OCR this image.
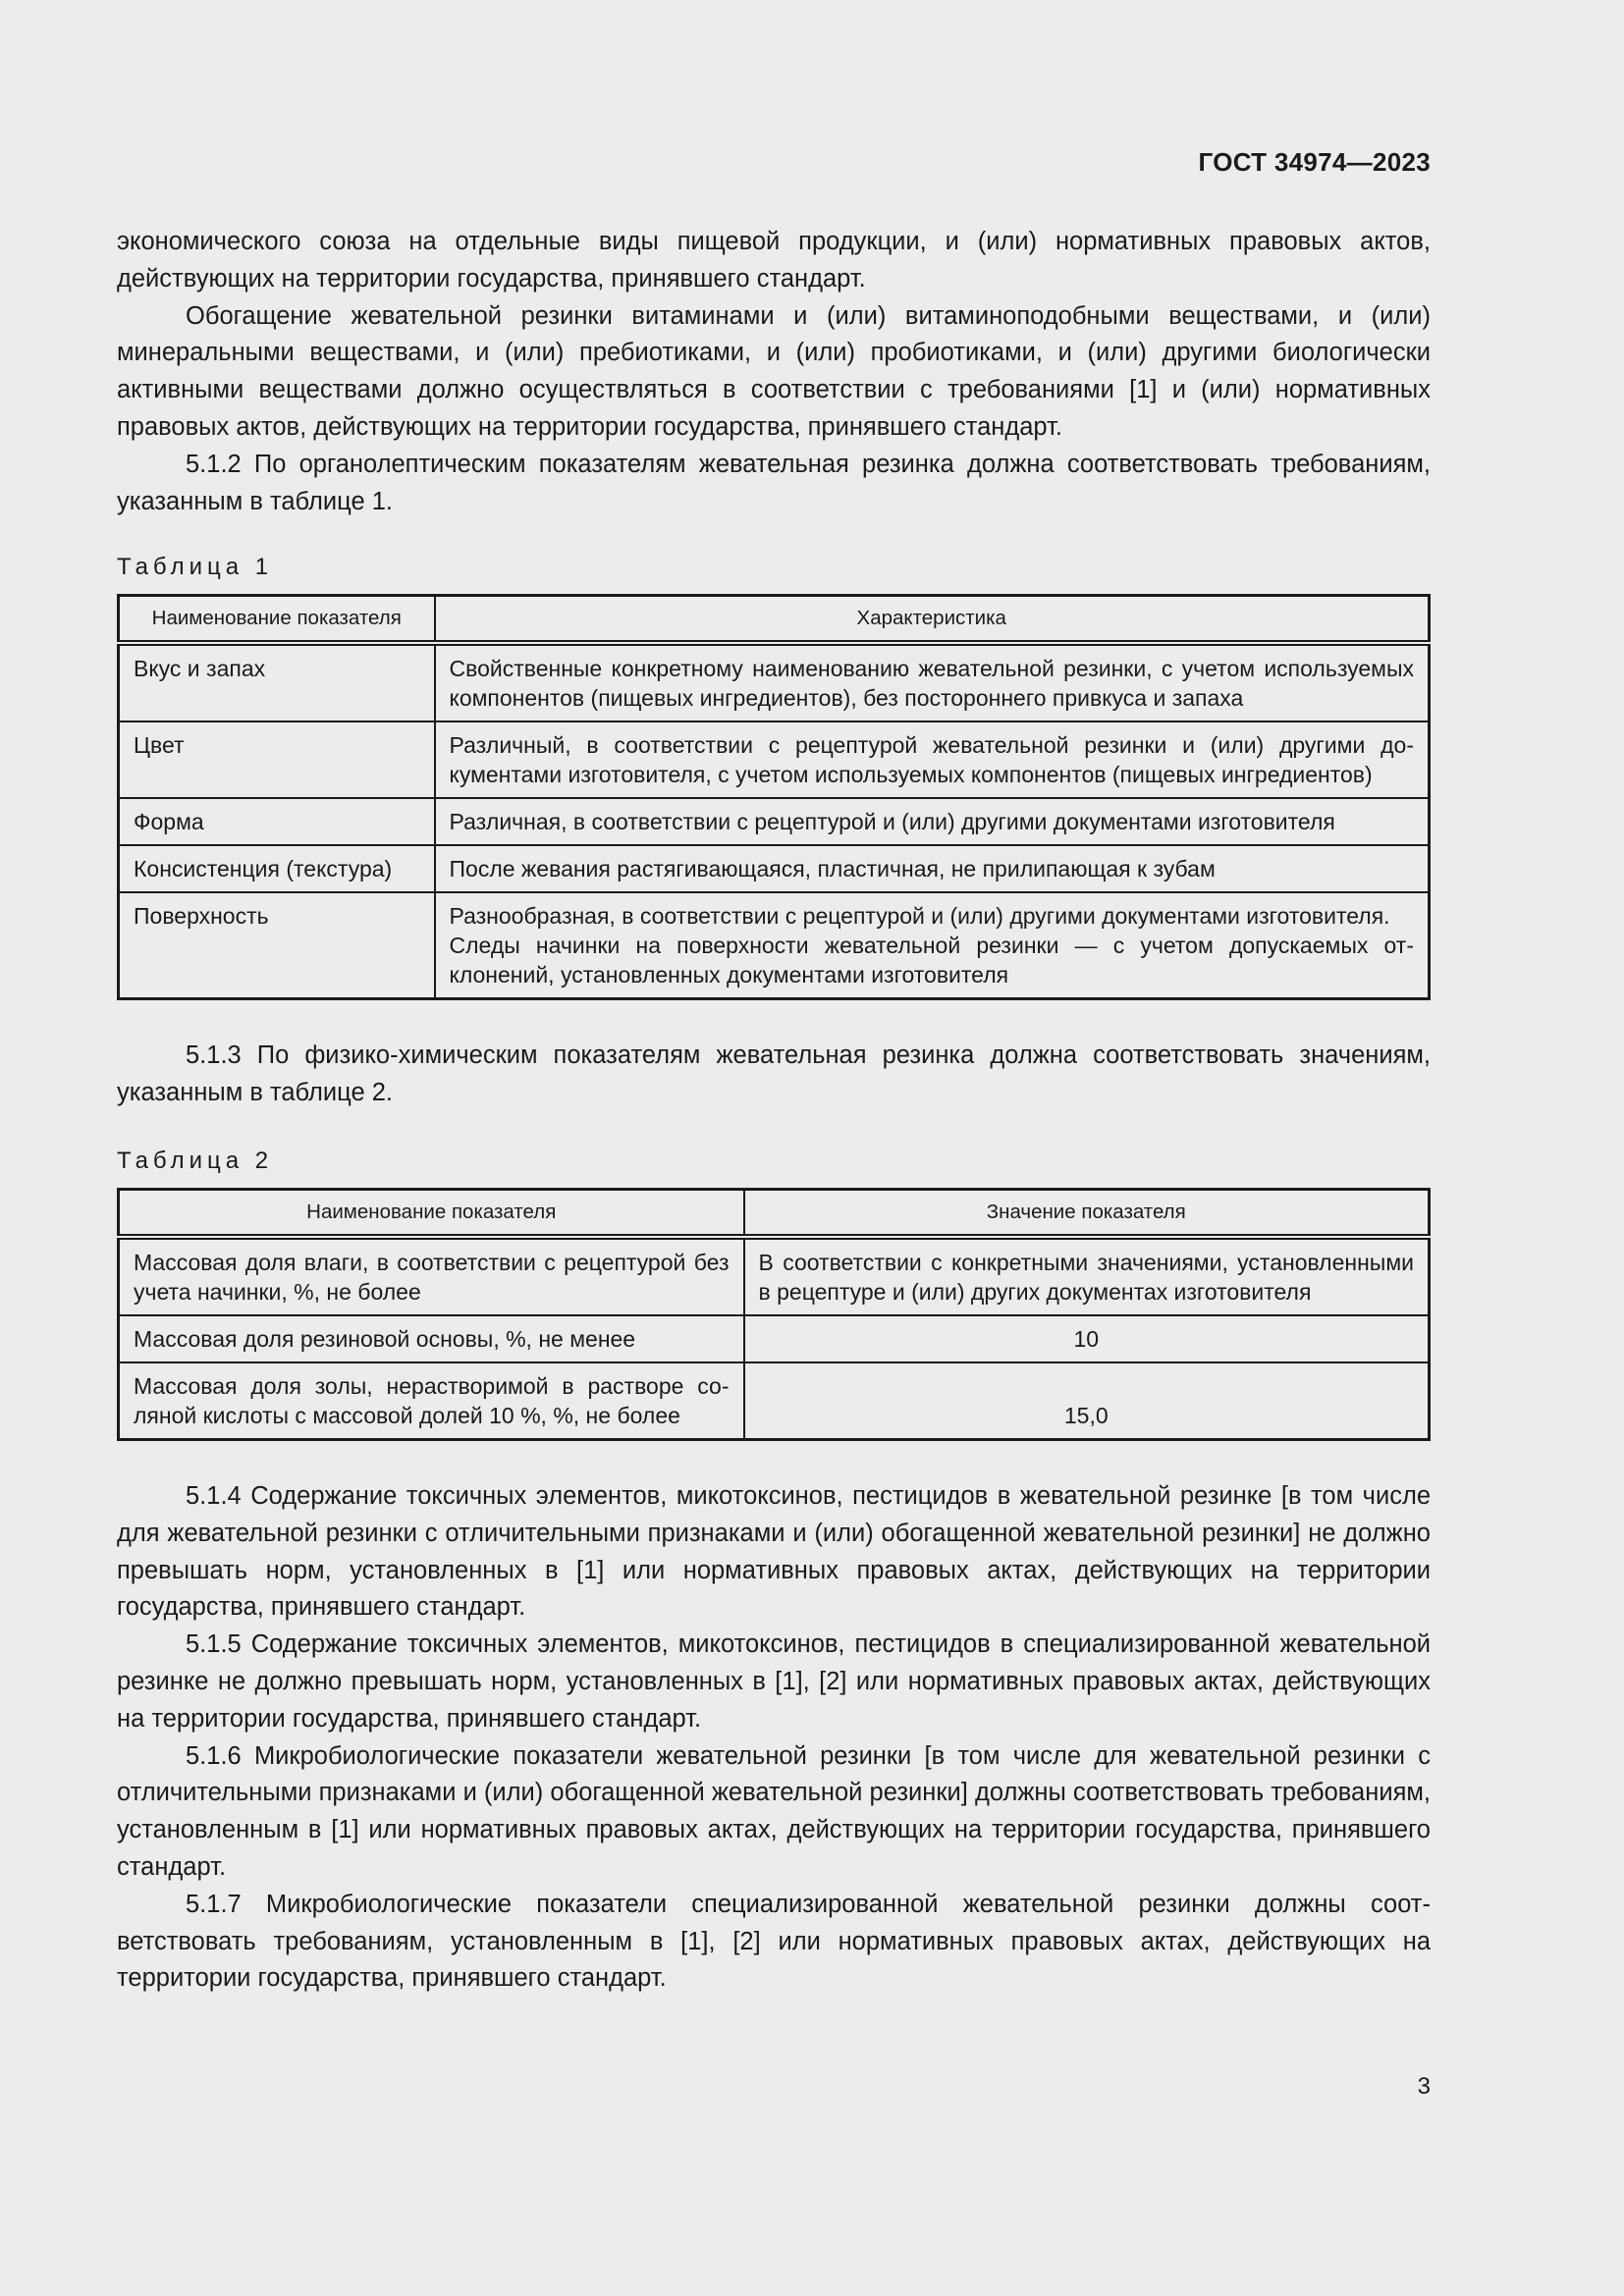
ГОСТ 34974—2023

экономического союза на отдельные виды пищевой продукции, и (или) нормативных правовых актов, действующих на территории государства, принявшего стандарт.

Обогащение жевательной резинки витаминами и (или) витаминоподобными веществами, и (или) минеральными веществами, и (или) пребиотиками, и (или) пробиотиками, и (или) другими биологически активными веществами должно осуществляться в соответствии с требованиями [1] и (или) нормативных правовых актов, действующих на территории государства, принявшего стандарт.

5.1.2 По органолептическим показателям жевательная резинка должна соответствовать требованиям, указанным в таблице 1.

Таблица 1

Наименование показателя	Характеристика
Вкус и запах	Свойственные конкретному наименованию жевательной резинки, с учетом используемых компонентов (пищевых ингредиентов), без постороннего привкуса и запаха
Цвет	Различный, в соответствии с рецептурой жевательной резинки и (или) другими документами изготовителя, с учетом используемых компонентов (пищевых ингредиентов)
Форма	Различная, в соответствии с рецептурой и (или) другими документами изготовителя
Консистенция (текстура)	После жевания растягивающаяся, пластичная, не прилипающая к зубам
Поверхность	Разнообразная, в соответствии с рецептурой и (или) другими документами изготовителя.
Следы начинки на поверхности жевательной резинки — с учетом допускаемых отклонений, установленных документами изготовителя

5.1.3 По физико-химическим показателям жевательная резинка должна соответствовать значениям, указанным в таблице 2.

Таблица 2

Наименование показателя	Значение показателя
Массовая доля влаги, в соответствии с рецептурой без учета начинки, %, не более	В соответствии с конкретными значениями, установленными в рецептуре и (или) других документах изготовителя
Массовая доля резиновой основы, %, не менее	10
Массовая доля золы, нерастворимой в растворе соляной кислоты с массовой долей 10 %, %, не более	15,0

5.1.4 Содержание токсичных элементов, микотоксинов, пестицидов в жевательной резинке [в том числе для жевательной резинки с отличительными признаками и (или) обогащенной жевательной резинки] не должно превышать норм, установленных в [1] или нормативных правовых актах, действующих на территории государства, принявшего стандарт.

5.1.5 Содержание токсичных элементов, микотоксинов, пестицидов в специализированной жевательной резинке не должно превышать норм, установленных в [1], [2] или нормативных правовых актах, действующих на территории государства, принявшего стандарт.

5.1.6 Микробиологические показатели жевательной резинки [в том числе для жевательной резинки с отличительными признаками и (или) обогащенной жевательной резинки] должны соответствовать требованиям, установленным в [1] или нормативных правовых актах, действующих на территории государства, принявшего стандарт.

5.1.7 Микробиологические показатели специализированной жевательной резинки должны соответствовать требованиям, установленным в [1], [2] или нормативных правовых актах, действующих на территории государства, принявшего стандарт.

3
